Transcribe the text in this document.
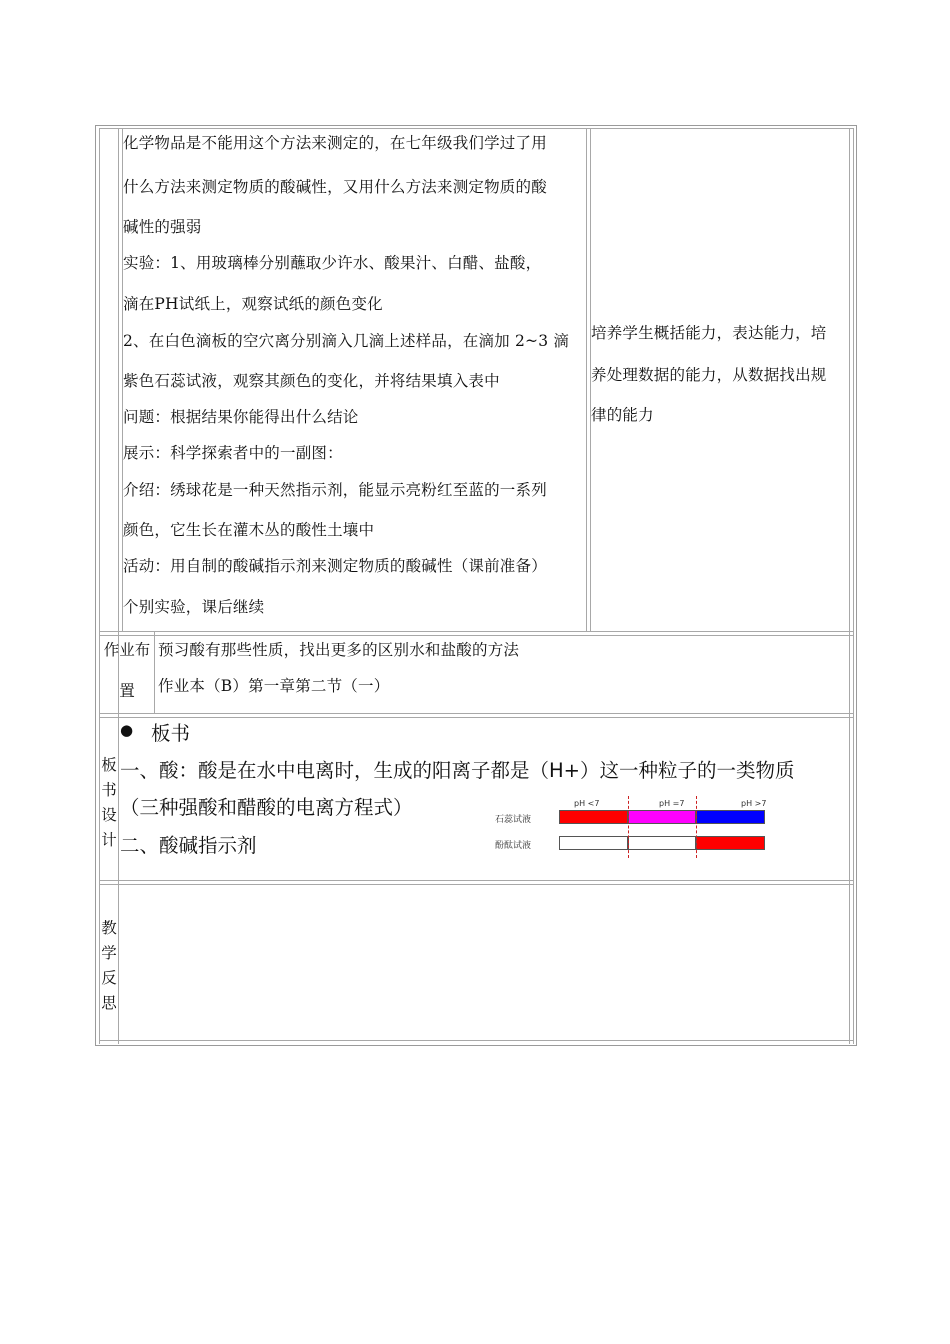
化学物品是不能用这个方法来测定的，在七年级我们学过了用
什么方法来测定物质的酸碱性，又用什么方法来测定物质的酸
碱性的强弱
实验：1、用玻璃棒分别蘸取少许水、酸果汁、白醋、盐酸，
滴在PH试纸上，观察试纸的颜色变化
2、在白色滴板的空穴离分别滴入几滴上述样品，在滴加 2~3 滴
紫色石蕊试液，观察其颜色的变化，并将结果填入表中
问题：根据结果你能得出什么结论
展示：科学探索者中的一副图：
介绍：绣球花是一种天然指示剂，能显示亮粉红至蓝的一系列
颜色，它生长在灌木丛的酸性土壤中
活动：用自制的酸碱指示剂来测定物质的酸碱性（课前准备）
个别实验，课后继续
培养学生概括能力，表达能力，培
养处理数据的能力，从数据找出规
律的能力
作业布
置
预习酸有那些性质，找出更多的区别水和盐酸的方法
作业本（B）第一章第二节（一）
板
书
设
计
● 板书
一、酸：酸是在水中电离时，生成的阳离子都是（H+）这一种粒子的一类物质
（三种强酸和醋酸的电离方程式）
二、酸碱指示剂
pH <7	pH =7	pH >7
石蕊试液
酚酞试液
教
学
反
思
